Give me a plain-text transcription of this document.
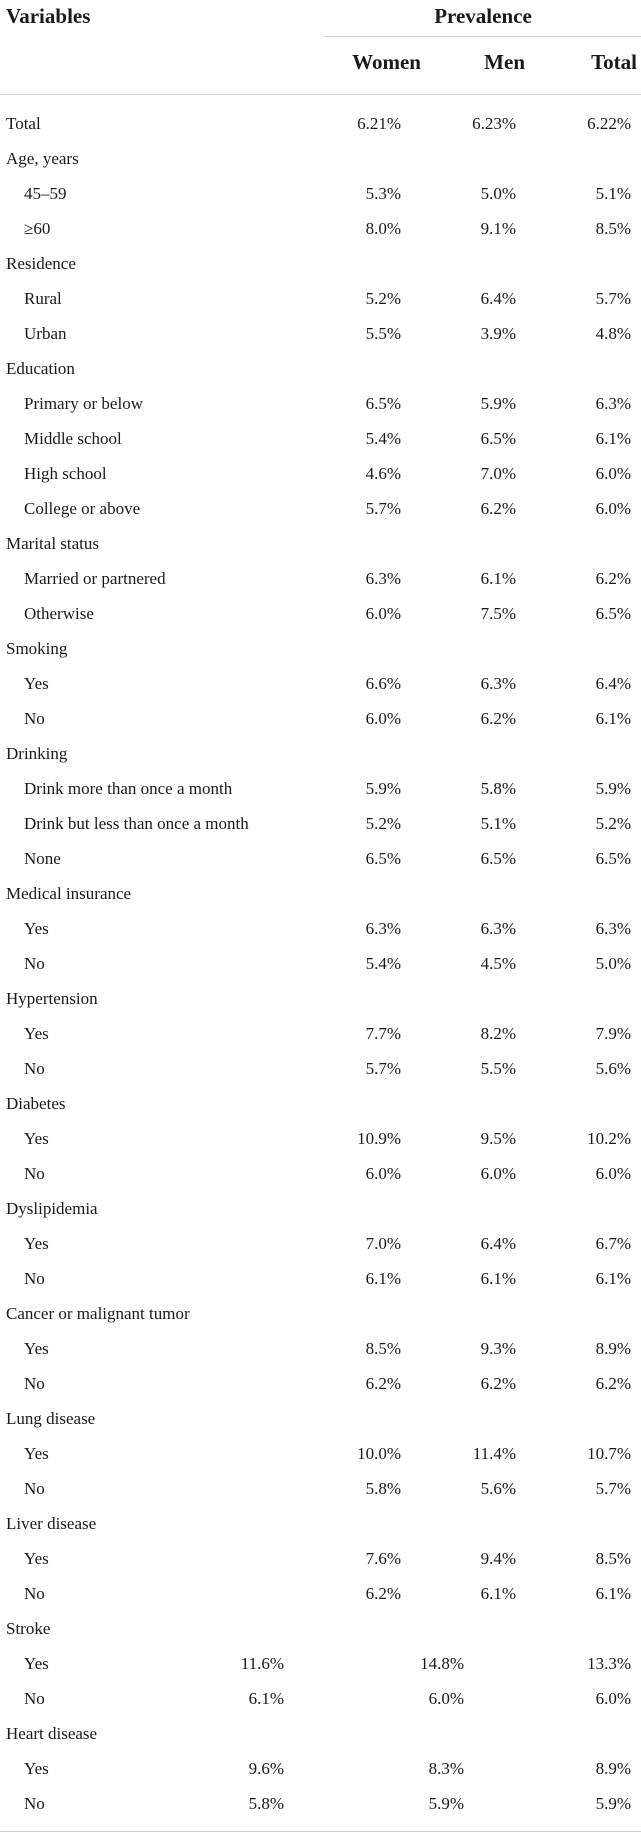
Variables	Prevalence
Women	Men	Total
Total	6.21%	6.23%	6.22%
Age, years
45–59	5.3%	5.0%	5.1%
≥60	8.0%	9.1%	8.5%
Residence
Rural	5.2%	6.4%	5.7%
Urban	5.5%	3.9%	4.8%
Education
Primary or below	6.5%	5.9%	6.3%
Middle school	5.4%	6.5%	6.1%
High school	4.6%	7.0%	6.0%
College or above	5.7%	6.2%	6.0%
Marital status
Married or partnered	6.3%	6.1%	6.2%
Otherwise	6.0%	7.5%	6.5%
Smoking
Yes	6.6%	6.3%	6.4%
No	6.0%	6.2%	6.1%
Drinking
Drink more than once a month	5.9%	5.8%	5.9%
Drink but less than once a month	5.2%	5.1%	5.2%
None	6.5%	6.5%	6.5%
Medical insurance
Yes	6.3%	6.3%	6.3%
No	5.4%	4.5%	5.0%
Hypertension
Yes	7.7%	8.2%	7.9%
No	5.7%	5.5%	5.6%
Diabetes
Yes	10.9%	9.5%	10.2%
No	6.0%	6.0%	6.0%
Dyslipidemia
Yes	7.0%	6.4%	6.7%
No	6.1%	6.1%	6.1%
Cancer or malignant tumor
Yes	8.5%	9.3%	8.9%
No	6.2%	6.2%	6.2%
Lung disease
Yes	10.0%	11.4%	10.7%
No	5.8%	5.6%	5.7%
Liver disease
Yes	7.6%	9.4%	8.5%
No	6.2%	6.1%	6.1%
Stroke
Yes	11.6%	14.8%	13.3%
No	6.1%	6.0%	6.0%
Heart disease
Yes	9.6%	8.3%	8.9%
No	5.8%	5.9%	5.9%
